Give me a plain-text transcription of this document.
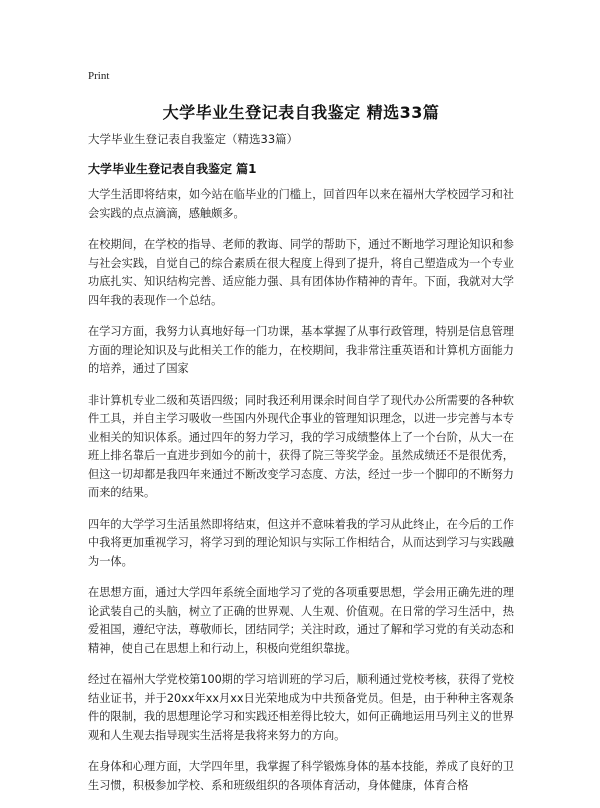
Print
大学毕业生登记表自我鉴定 精选33篇
大学毕业生登记表自我鉴定（精选33篇）
大学毕业生登记表自我鉴定 篇1

大学生活即将结束，如今站在临毕业的门槛上，回首四年以来在福州大学校园学习和社会实践的点点滴滴，感触颇多。

在校期间，在学校的指导、老师的教诲、同学的帮助下，通过不断地学习理论知识和参与社会实践，自觉自己的综合素质在很大程度上得到了提升，将自己塑造成为一个专业功底扎实、知识结构完善、适应能力强、具有团体协作精神的青年。下面，我就对大学四年我的表现作一个总结。

在学习方面，我努力认真地好每一门功课，基本掌握了从事行政管理，特别是信息管理方面的理论知识及与此相关工作的能力，在校期间，我非常注重英语和计算机方面能力的培养，通过了国家

非计算机专业二级和英语四级；同时我还利用课余时间自学了现代办公所需要的各种软件工具，并自主学习吸收一些国内外现代企事业的管理知识理念，以进一步完善与本专业相关的知识体系。通过四年的努力学习，我的学习成绩整体上了一个台阶，从大一在班上排名靠后一直进步到如今的前十，获得了院三等奖学金。虽然成绩还不是很优秀，但这一切却都是我四年来通过不断改变学习态度、方法，经过一步一个脚印的不断努力而来的结果。

四年的大学学习生活虽然即将结束，但这并不意味着我的学习从此终止，在今后的工作中我将更加重视学习，将学习到的理论知识与实际工作相结合，从而达到学习与实践融为一体。

在思想方面，通过大学四年系统全面地学习了党的各项重要思想，学会用正确先进的理论武装自己的头脑，树立了正确的世界观、人生观、价值观。在日常的学习生活中，热爱祖国，遵纪守法，尊敬师长，团结同学；关注时政，通过了解和学习党的有关动态和精神，使自己在思想上和行动上，积极向党组织靠拢。

经过在福州大学党校第100期的学习培训班的学习后，顺利通过党校考核，获得了党校结业证书，并于20xx年xx月xx日光荣地成为中共预备党员。但是，由于种种主客观条件的限制，我的思想理论学习和实践还相差得比较大，如何正确地运用马列主义的世界观和人生观去指导现实生活将是我将来努力的方向。

在身体和心理方面，大学四年里，我掌握了科学锻炼身体的基本技能，养成了良好的卫生习惯，积极参加学校、系和班级组织的各项体育活动，身体健康，体育合格
